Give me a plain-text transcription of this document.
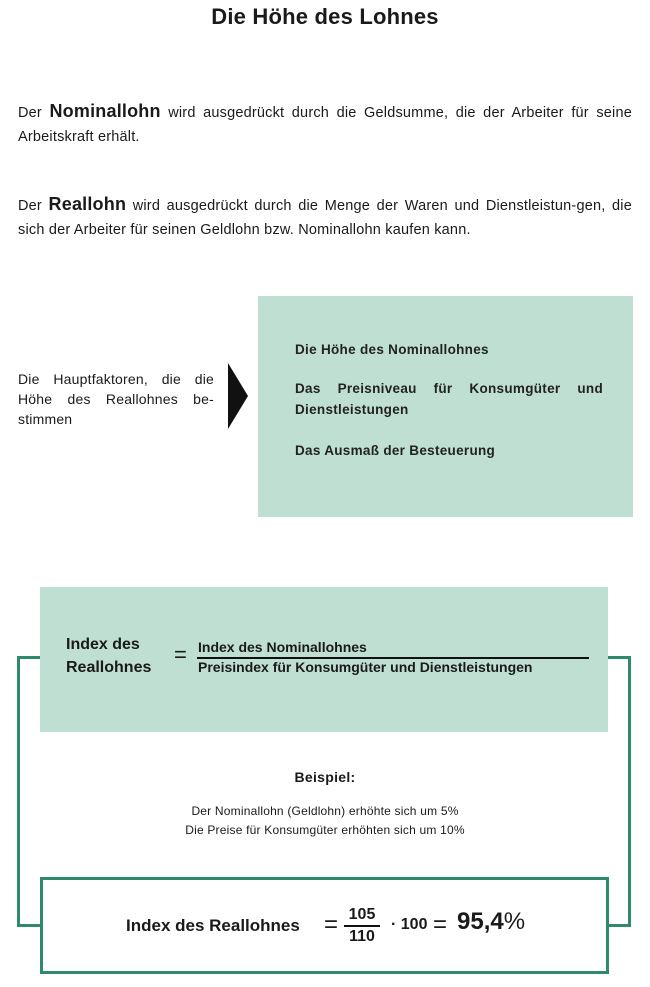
Die Höhe des Lohnes
Der Nominallohn wird ausgedrückt durch die Geldsumme, die der Arbeiter für seine Arbeitskraft erhält.
Der Reallohn wird ausgedrückt durch die Menge der Waren und Dienstleistun-gen, die sich der Arbeiter für seinen Geldlohn bzw. Nominallohn kaufen kann.
Die Hauptfaktoren, die die Höhe des Reallohnes be-stimmen
Die Höhe des Nominallohnes
Das Preisniveau für Konsumgüter und Dienstleistungen
Das Ausmaß der Besteuerung
Index des Reallohnes
= Index des Nominallohnes
Preisindex für Konsumgüter und Dienstleistungen
Beispiel:
Der Nominallohn (Geldlohn) erhöhte sich um 5%
Die Preise für Konsumgüter erhöhten sich um 10%
Index des Reallohnes = 105
110
· 100 = 95,4%
